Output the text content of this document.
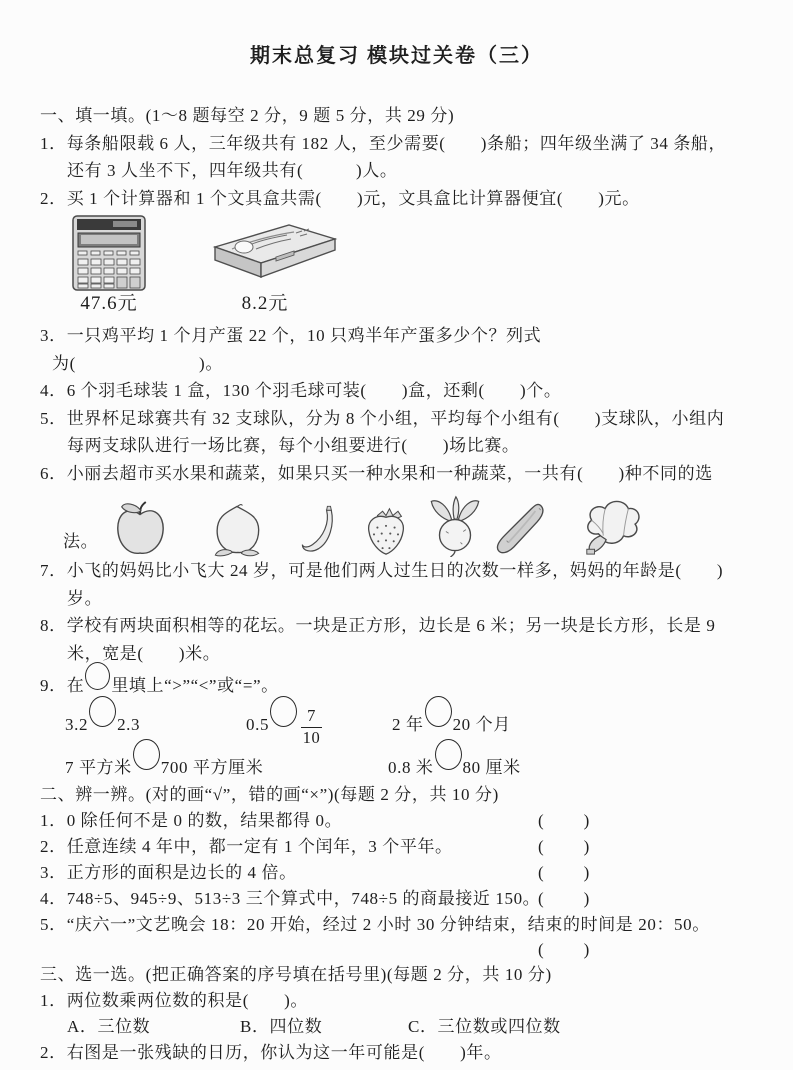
期末总复习 模块过关卷（三）
一、填一填。(1～8 题每空 2 分，9 题 5 分，共 29 分)
1．每条船限载 6 人，三年级共有 182 人，至少需要(　　)条船；四年级坐满了 34 条船，
还有 3 人坐不下，四年级共有(　　　)人。
2．买 1 个计算器和 1 个文具盒共需(　　)元，文具盒比计算器便宜(　　)元。
47.6元	8.2元
3．一只鸡平均 1 个月产蛋 22 个，10 只鸡半年产蛋多少个？列式
为(　　　　　　　)。
4．6 个羽毛球装 1 盒，130 个羽毛球可装(　　)盒，还剩(　　)个。
5．世界杯足球赛共有 32 支球队，分为 8 个小组，平均每个小组有(　　)支球队，小组内
每两支球队进行一场比赛，每个小组要进行(　　)场比赛。
6．小丽去超市买水果和蔬菜，如果只买一种水果和一种蔬菜，一共有(　　)种不同的选
法。
7．小飞的妈妈比小飞大 24 岁，可是他们两人过生日的次数一样多，妈妈的年龄是(　　)
岁。
8．学校有两块面积相等的花坛。一块是正方形，边长是 6 米；另一块是长方形，长是 9
米，宽是(　　)米。
9．在 里填上“>”“<”或“=”。
3.2 2.3	$0.5 \frac{7}{10}$	2 年 20 个月
7 平方米 700 平方厘米	0.8 米 80 厘米
二、辨一辨。(对的画“√”，错的画“×”)(每题 2 分，共 10 分)
1．0 除任何不是 0 的数，结果都得 0。	(　　)
2．任意连续 4 年中，都一定有 1 个闰年，3 个平年。	(　　)
3．正方形的面积是边长的 4 倍。	(　　)
4．748÷5、945÷9、513÷3 三个算式中，748÷5 的商最接近 150。
(　　)
5．“庆六一”文艺晚会 18：20 开始，经过 2 小时 30 分钟结束，结束的时间是 20：50。
(　　)
三、选一选。(把正确答案的序号填在括号里)(每题 2 分，共 10 分)
1．两位数乘两位数的积是(　　)。
A．三位数	B．四位数	C．三位数或四位数
2．右图是一张残缺的日历，你认为这一年可能是(　　)年。
